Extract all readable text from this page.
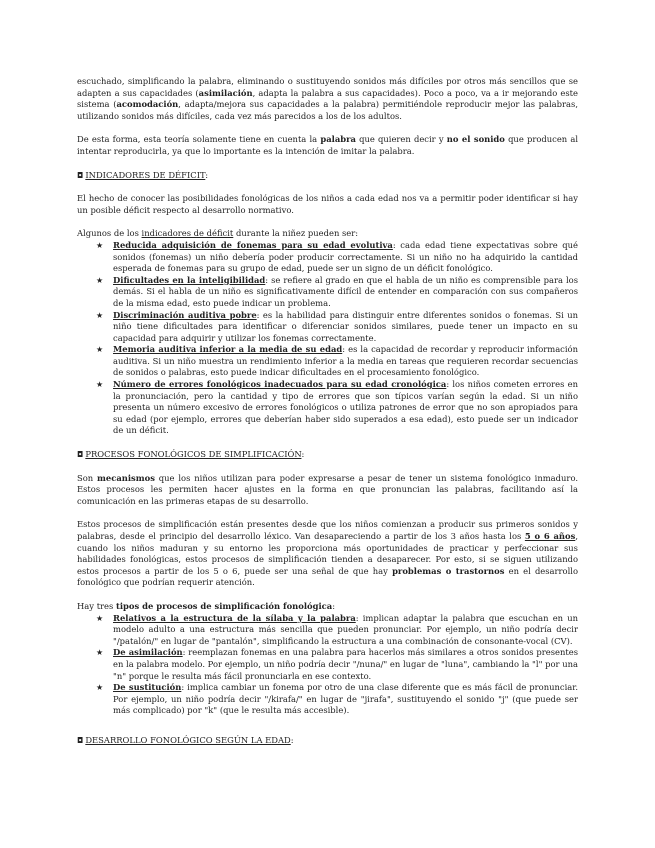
escuchado, simplificando la palabra, eliminando o sustituyendo sonidos más difíciles por otros más sencillos que se adapten a sus capacidades (asimilación, adapta la palabra a sus capacidades). Poco a poco, va a ir mejorando este sistema (acomodación, adapta/mejora sus capacidades a la palabra) permitiéndole reproducir mejor las palabras, utilizando sonidos más difíciles, cada vez más parecidos a los de los adultos.

De esta forma, esta teoría solamente tiene en cuenta la palabra que quieren decir y no el sonido que producen al intentar reproducirla, ya que lo importante es la intención de imitar la palabra.

◘ INDICADORES DE DÉFICIT:

El hecho de conocer las posibilidades fonológicas de los niños a cada edad nos va a permitir poder identificar si hay un posible déficit respecto al desarrollo normativo.

Algunos de los indicadores de déficit durante la niñez pueden ser:

★ Reducida adquisición de fonemas para su edad evolutiva: cada edad tiene expectativas sobre qué sonidos (fonemas) un niño debería poder producir correctamente. Si un niño no ha adquirido la cantidad esperada de fonemas para su grupo de edad, puede ser un signo de un déficit fonológico.
★ Dificultades en la inteligibilidad: se refiere al grado en que el habla de un niño es comprensible para los demás. Si el habla de un niño es significativamente difícil de entender en comparación con sus compañeros de la misma edad, esto puede indicar un problema.
★ Discriminación auditiva pobre: es la habilidad para distinguir entre diferentes sonidos o fonemas. Si un niño tiene dificultades para identificar o diferenciar sonidos similares, puede tener un impacto en su capacidad para adquirir y utilizar los fonemas correctamente.
★ Memoria auditiva inferior a la media de su edad: es la capacidad de recordar y reproducir información auditiva. Si un niño muestra un rendimiento inferior a la media en tareas que requieren recordar secuencias de sonidos o palabras, esto puede indicar dificultades en el procesamiento fonológico.
★ Número de errores fonológicos inadecuados para su edad cronológica: los niños cometen errores en la pronunciación, pero la cantidad y tipo de errores que son típicos varían según la edad. Si un niño presenta un número excesivo de errores fonológicos o utiliza patrones de error que no son apropiados para su edad (por ejemplo, errores que deberían haber sido superados a esa edad), esto puede ser un indicador de un déficit.

◘ PROCESOS FONOLÓGICOS DE SIMPLIFICACIÓN:

Son mecanismos que los niños utilizan para poder expresarse a pesar de tener un sistema fonológico inmaduro. Estos procesos les permiten hacer ajustes en la forma en que pronuncian las palabras, facilitando así la comunicación en las primeras etapas de su desarrollo.

Estos procesos de simplificación están presentes desde que los niños comienzan a producir sus primeros sonidos y palabras, desde el principio del desarrollo léxico. Van desapareciendo a partir de los 3 años hasta los 5 o 6 años, cuando los niños maduran y su entorno les proporciona más oportunidades de practicar y perfeccionar sus habilidades fonológicas, estos procesos de simplificación tienden a desaparecer. Por esto, si se siguen utilizando estos procesos a partir de los 5 o 6, puede ser una señal de que hay problemas o trastornos en el desarrollo fonológico que podrían requerir atención.

Hay tres tipos de procesos de simplificación fonológica:

★ Relativos a la estructura de la sílaba y la palabra: implican adaptar la palabra que escuchan en un modelo adulto a una estructura más sencilla que pueden pronunciar. Por ejemplo, un niño podría decir "/patalón/" en lugar de "pantalón", simplificando la estructura a una combinación de consonante-vocal (CV).
★ De asimilación: reemplazan fonemas en una palabra para hacerlos más similares a otros sonidos presentes en la palabra modelo. Por ejemplo, un niño podría decir "/nuna/" en lugar de "luna", cambiando la "l" por una "n" porque le resulta más fácil pronunciarla en ese contexto.
★ De sustitución: implica cambiar un fonema por otro de una clase diferente que es más fácil de pronunciar. Por ejemplo, un niño podría decir "/kirafa/" en lugar de "jirafa", sustituyendo el sonido "j" (que puede ser más complicado) por "k" (que le resulta más accesible).

◘ DESARROLLO FONOLÓGICO SEGÚN LA EDAD:
